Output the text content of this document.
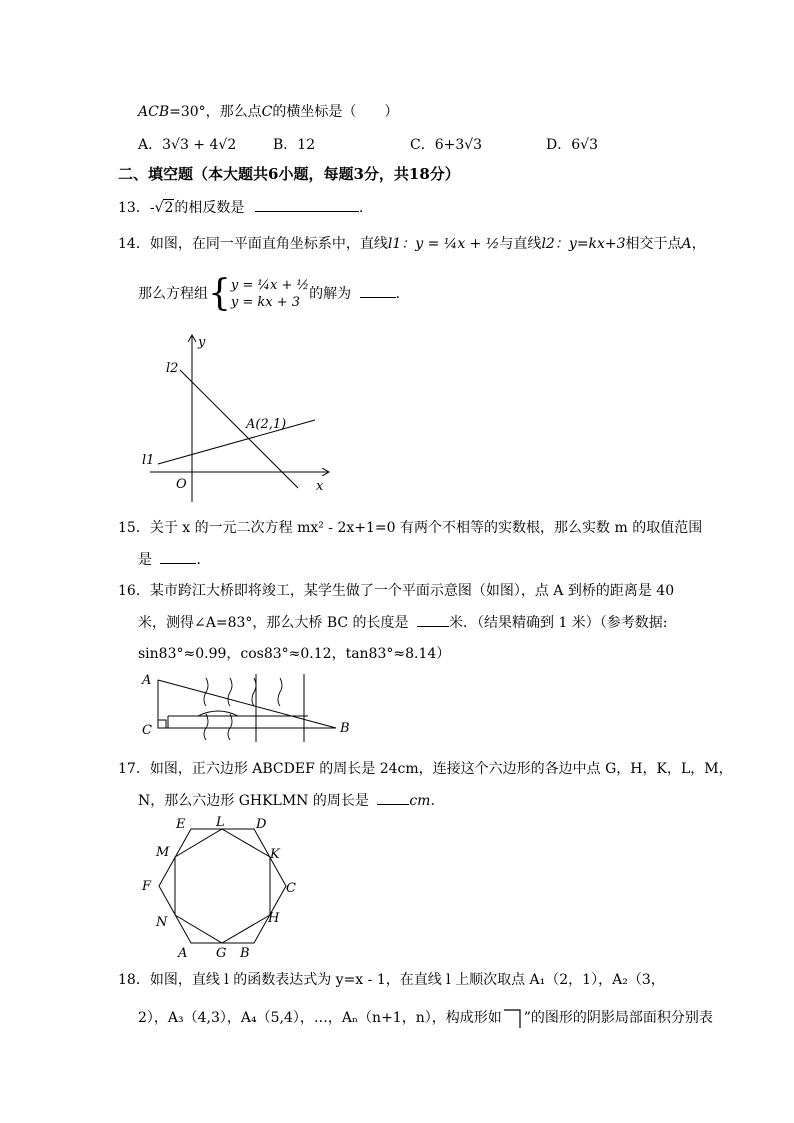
ACB=30°，那么点C的横坐标是（　　）
A．3√3 + 4√2	B．12	C．6+3√3	D．6√3
二、填空题（本大题共6小题，每题3分，共18分）
13．-√2的相反数是	.
14．如图，在同一平面直角坐标系中，直线l1：y = ¼x + ½与直线l2：y=kx+3相交于点A，
那么方程组{ y = ¼x + ½
y = kx + 3
的解为	．
y
x
O
l2
l1
A(2,1)
15．关于 x 的一元二次方程 mx² - 2x+1=0 有两个不相等的实数根，那么实数 m 的取值范围
是	．
16．某市跨江大桥即将竣工，某学生做了一个平面示意图（如图），点 A 到桥的距离是 40
米，测得∠A=83°，那么大桥 BC 的长度是	米．（结果精确到 1 米）（参考数据:
sin83°≈0.99，cos83°≈0.12，tan83°≈8.14）
A
B
C
17．如图，正六边形 ABCDEF 的周长是 24cm，连接这个六边形的各边中点 G，H，K，L，M，
N，那么六边形 GHKLMN 的周长是	cm.
E L D
M	K
F	C
N	H
A G B
18．如图，直线 l 的函数表达式为 y=x - 1，在直线 l 上顺次取点 A₁（2，1），A₂（3，
2），A₃（4,3），A₄（5,4），…，Aₙ（n+1，n），构成形如 ”的图形的阴影局部面积分别表
